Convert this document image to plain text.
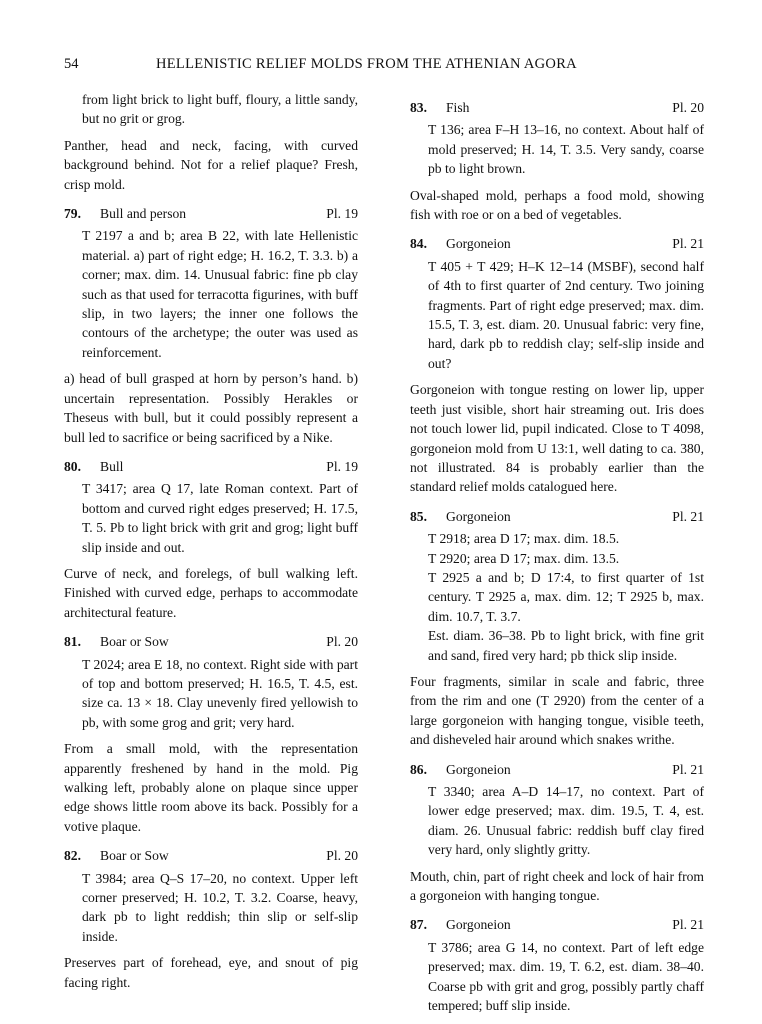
54	HELLENISTIC RELIEF MOLDS FROM THE ATHENIAN AGORA

from light brick to light buff, floury, a little sandy, but no grit or grog.

Panther, head and neck, facing, with curved background behind. Not for a relief plaque? Fresh, crisp mold.

79.	Bull and person	Pl. 19

T 2197 a and b; area B 22, with late Hellenistic material. a) part of right edge; H. 16.2, T. 3.3. b) a corner; max. dim. 14. Unusual fabric: fine pb clay such as that used for terracotta figurines, with buff slip, in two layers; the inner one follows the contours of the archetype; the outer was used as reinforcement.

a) head of bull grasped at horn by person’s hand. b) uncertain representation. Possibly Herakles or Theseus with bull, but it could possibly represent a bull led to sacrifice or being sacrificed by a Nike.

80.	Bull	Pl. 19

T 3417; area Q 17, late Roman context. Part of bottom and curved right edges preserved; H. 17.5, T. 5. Pb to light brick with grit and grog; light buff slip inside and out.

Curve of neck, and forelegs, of bull walking left. Finished with curved edge, perhaps to accommodate architectural feature.

81.	Boar or Sow	Pl. 20

T 2024; area E 18, no context. Right side with part of top and bottom preserved; H. 16.5, T. 4.5, est. size ca. 13 × 18. Clay unevenly fired yellowish to pb, with some grog and grit; very hard.

From a small mold, with the representation apparently freshened by hand in the mold. Pig walking left, probably alone on plaque since upper edge shows little room above its back. Possibly for a votive plaque.

82.	Boar or Sow	Pl. 20

T 3984; area Q–S 17–20, no context. Upper left corner preserved; H. 10.2, T. 3.2. Coarse, heavy, dark pb to light reddish; thin slip or self-slip inside.

Preserves part of forehead, eye, and snout of pig facing right.

83.	Fish	Pl. 20

T 136; area F–H 13–16, no context. About half of mold preserved; H. 14, T. 3.5. Very sandy, coarse pb to light brown.

Oval-shaped mold, perhaps a food mold, showing fish with roe or on a bed of vegetables.

84.	Gorgoneion	Pl. 21

T 405 + T 429; H–K 12–14 (MSBF), second half of 4th to first quarter of 2nd century. Two joining fragments. Part of right edge preserved; max. dim. 15.5, T. 3, est. diam. 20. Unusual fabric: very fine, hard, dark pb to reddish clay; self-slip inside and out?

Gorgoneion with tongue resting on lower lip, upper teeth just visible, short hair streaming out. Iris does not touch lower lid, pupil indicated. Close to T 4098, gorgoneion mold from U 13:1, well dating to ca. 380, not illustrated. 84 is probably earlier than the standard relief molds catalogued here.

85.	Gorgoneion	Pl. 21

T 2918; area D 17; max. dim. 18.5.

T 2920; area D 17; max. dim. 13.5.

T 2925 a and b; D 17:4, to first quarter of 1st century. T 2925 a, max. dim. 12; T 2925 b, max. dim. 10.7, T. 3.7.

Est. diam. 36–38. Pb to light brick, with fine grit and sand, fired very hard; pb thick slip inside.

Four fragments, similar in scale and fabric, three from the rim and one (T 2920) from the center of a large gorgoneion with hanging tongue, visible teeth, and disheveled hair around which snakes writhe.

86.	Gorgoneion	Pl. 21

T 3340; area A–D 14–17, no context. Part of lower edge preserved; max. dim. 19.5, T. 4, est. diam. 26. Unusual fabric: reddish buff clay fired very hard, only slightly gritty.

Mouth, chin, part of right cheek and lock of hair from a gorgoneion with hanging tongue.

87.	Gorgoneion	Pl. 21

T 3786; area G 14, no context. Part of left edge preserved; max. dim. 19, T. 6.2, est. diam. 38–40. Coarse pb with grit and grog, possibly partly chaff tempered; buff slip inside.
